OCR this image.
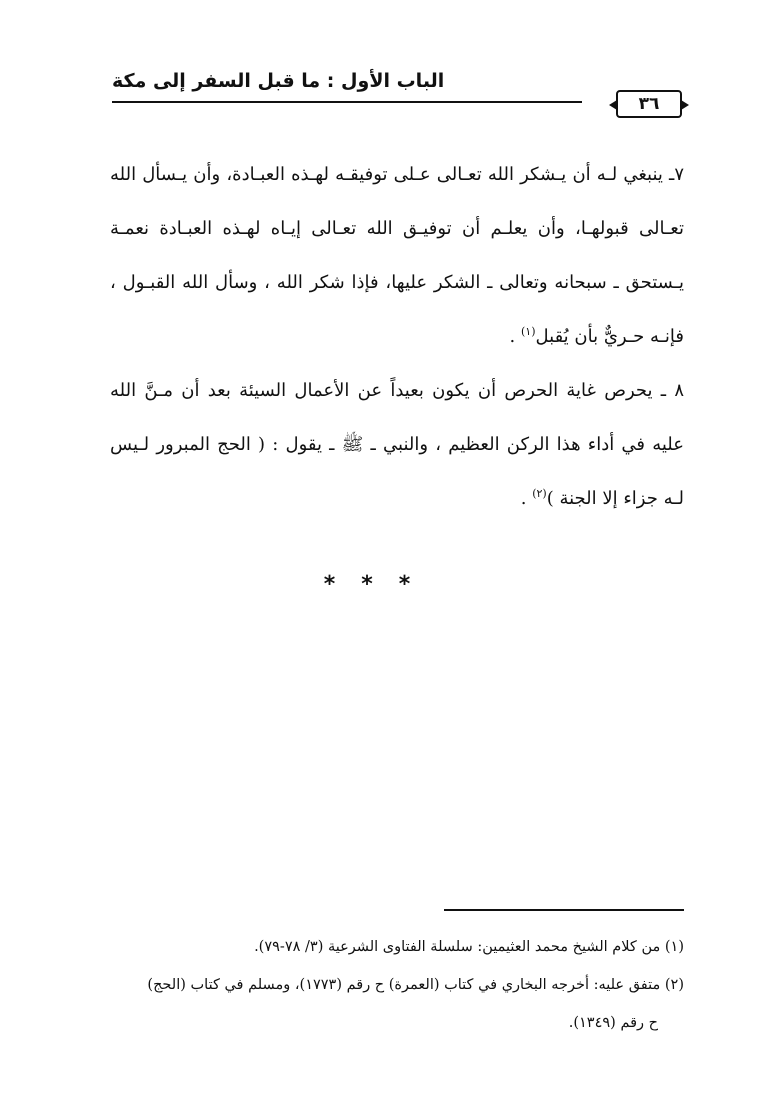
الباب الأول : ما قبل السفر إلى مكة
٣٦

٧ـ ينبغي لـه أن يـشكر الله تعـالى عـلى توفيقـه لهـذه العبـادة، وأن يـسأل الله تعـالى قبولهـا، وأن يعلـم أن توفيـق الله تعـالى إيـاه لهـذه العبـادة نعمـة يـستحق ـ سبحانه وتعالى ـ الشكر عليها، فإذا شكر الله ، وسأل الله القبـول ، فإنـه حـريٌّ بأن يُقبل$^{(١)}$ .

٨ ـ يحرص غاية الحرص أن يكون بعيداً عن الأعمال السيئة بعد أن مـنَّ الله عليه في أداء هذا الركن العظيم ، والنبي ـ ﷺ ـ يقول : ( الحج المبرور لـيس لـه جزاء إلا الجنة )$^{(٢)}$ .

***

(١) من كلام الشيخ محمد العثيمين: سلسلة الفتاوى الشرعية (٣/ ٧٨-٧٩).

(٢) متفق عليه: أخرجه البخاري في كتاب (العمرة) ح رقم (١٧٧٣)، ومسلم في كتاب (الحج)

ح رقم (١٣٤٩).
